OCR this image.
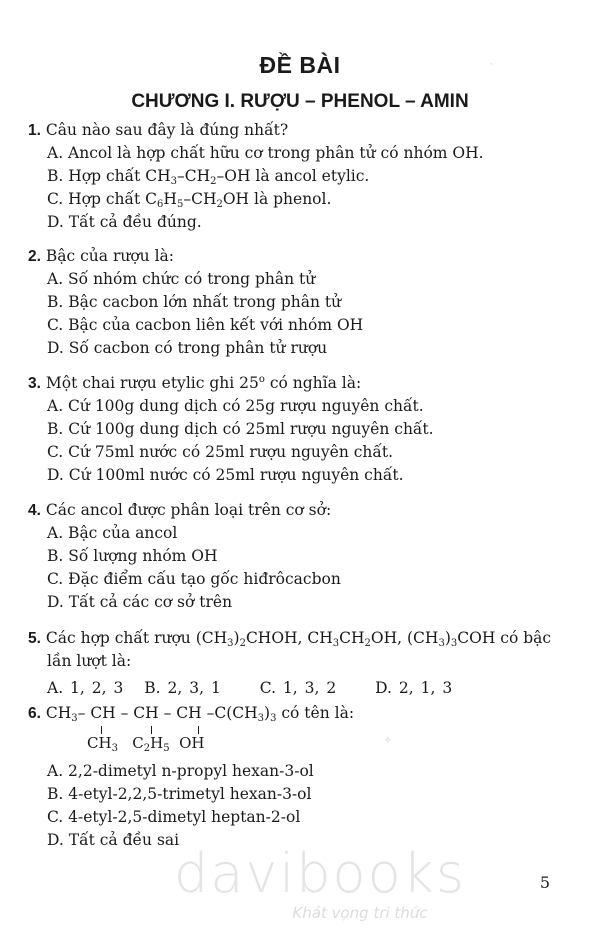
ĐỀ BÀI
CHƯƠNG I. RƯỢU – PHENOL – AMIN
1. Câu nào sau đây là đúng nhất?
A. Ancol là hợp chất hữu cơ trong phân tử có nhóm OH.
B. Hợp chất $CH_3-CH_2-OH$ là ancol etylic.
C. Hợp chất $C_6H_5-CH_2OH$ là phenol.
D. Tất cả đều đúng.
2. Bậc của rượu là:
A. Số nhóm chức có trong phân tử
B. Bậc cacbon lớn nhất trong phân tử
C. Bậc của cacbon liên kết với nhóm OH
D. Số cacbon có trong phân tử rượu
3. Một chai rượu etylic ghi 25$^o$ có nghĩa là:
A. Cứ 100g dung dịch có 25g rượu nguyên chất.
B. Cứ 100g dung dịch có 25ml rượu nguyên chất.
C. Cứ 75ml nước có 25ml rượu nguyên chất.
D. Cứ 100ml nước có 25ml rượu nguyên chất.
4. Các ancol được phân loại trên cơ sở:
A. Bậc của ancol
B. Số lượng nhóm OH
C. Đặc điểm cấu tạo gốc hiđrôcacbon
D. Tất cả các cơ sở trên
5. Các hợp chất rượu $(CH_3)_2CHOH$, $CH_3CH_2OH$, $(CH_3)_3COH$ có bậc
lần lượt là:
A. 1, 2, 3 B. 2, 3, 1	C. 1, 3, 2	D. 2, 1, 3
6. $CH_3-$ CH – CH – CH $-C(CH_3)_3$ có tên là:
$CH_3$ $C_2H_5$ OH
A. 2,2-dimetyl n-propyl hexan-3-ol
B. 4-etyl-2,2,5-trimetyl hexan-3-ol
C. 4-etyl-2,5-dimetyl heptan-2-ol
D. Tất cả đều sai
·
✧
davibooks
Khát vọng tri thức
5
